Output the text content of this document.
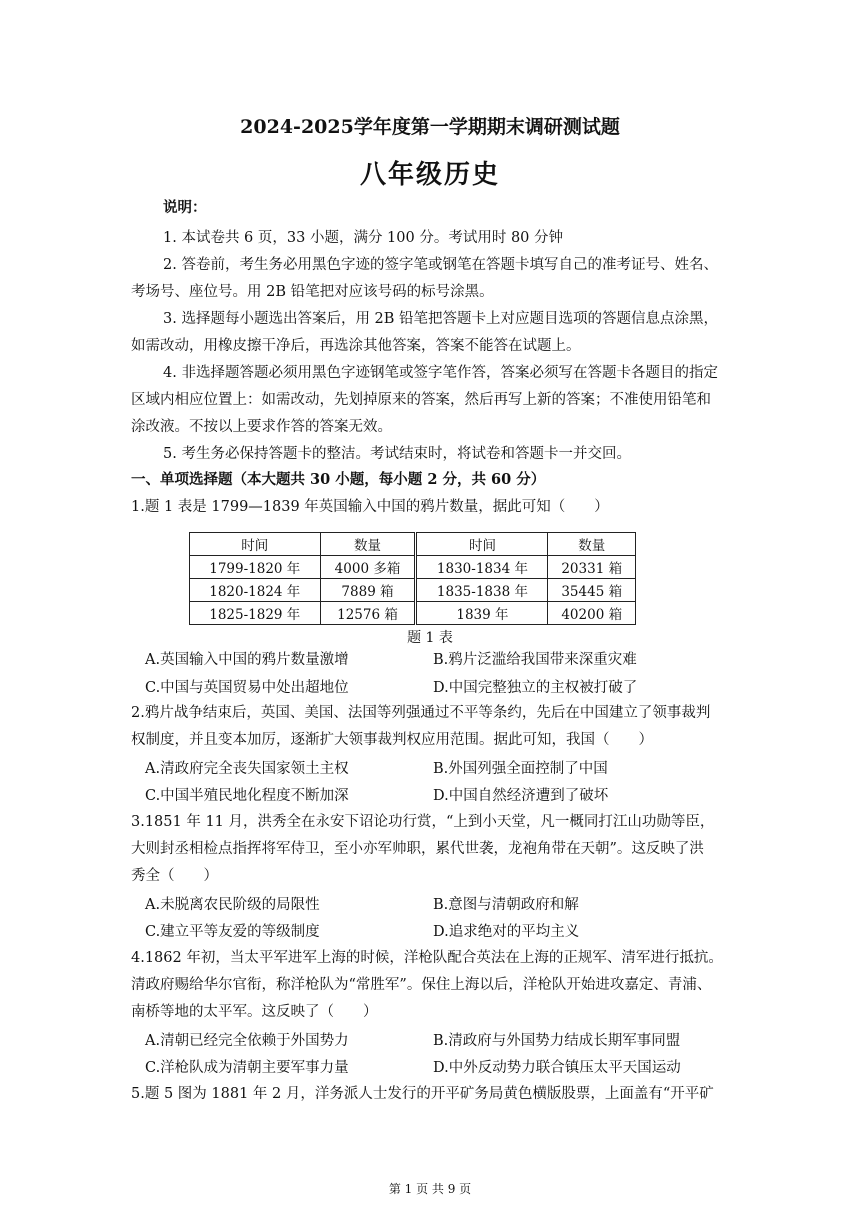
2024-2025学年度第一学期期末调研测试题
八年级历史
说明：
1. 本试卷共 6 页，33 小题，满分 100 分。考试用时 80 分钟
2. 答卷前，考生务必用黑色字迹的签字笔或钢笔在答题卡填写自己的准考证号、姓名、
考场号、座位号。用 2B 铅笔把对应该号码的标号涂黑。
3. 选择题每小题选出答案后，用 2B 铅笔把答题卡上对应题目选项的答题信息点涂黑，
如需改动，用橡皮擦干净后，再选涂其他答案，答案不能答在试题上。
4. 非选择题答题必须用黑色字迹钢笔或签字笔作答，答案必须写在答题卡各题目的指定
区域内相应位置上：如需改动，先划掉原来的答案，然后再写上新的答案；不准使用铅笔和
涂改液。不按以上要求作答的答案无效。
5. 考生务必保持答题卡的整洁。考试结束时，将试卷和答题卡一并交回。
一、单项选择题（本大题共 30 小题，每小题 2 分，共 60 分）
1.题 1 表是 1799—1839 年英国输入中国的鸦片数量，据此可知（　　）
时间	数量	时间	数量
1799-1820 年	4000 多箱	1830-1834 年	20331 箱
1820-1824 年	7889 箱	1835-1838 年	35445 箱
1825-1829 年	12576 箱	1839 年	40200 箱
题 1 表
A.英国输入中国的鸦片数量激增	B.鸦片泛滥给我国带来深重灾难
C.中国与英国贸易中处出超地位	D.中国完整独立的主权被打破了
2.鸦片战争结束后，英国、美国、法国等列强通过不平等条约，先后在中国建立了领事裁判
权制度，并且变本加厉，逐渐扩大领事裁判权应用范围。据此可知，我国（　　）
A.清政府完全丧失国家领土主权	B.外国列强全面控制了中国
C.中国半殖民地化程度不断加深	D.中国自然经济遭到了破坏
3.1851 年 11 月，洪秀全在永安下诏论功行赏，“上到小天堂，凡一概同打江山功勋等臣，
大则封丞相检点指挥将军侍卫，至小亦军帅职，累代世袭，龙袍角带在天朝”。这反映了洪
秀全（　　）
A.未脱离农民阶级的局限性	B.意图与清朝政府和解
C.建立平等友爱的等级制度	D.追求绝对的平均主义
4.1862 年初，当太平军进军上海的时候，洋枪队配合英法在上海的正规军、清军进行抵抗。
清政府赐给华尔官衔，称洋枪队为“常胜军”。保住上海以后，洋枪队开始进攻嘉定、青浦、
南桥等地的太平军。这反映了（　　）
A.清朝已经完全依赖于外国势力	B.清政府与外国势力结成长期军事同盟
C.洋枪队成为清朝主要军事力量	D.中外反动势力联合镇压太平天国运动
5.题 5 图为 1881 年 2 月，洋务派人士发行的开平矿务局黄色横版股票，上面盖有“开平矿
第 1 页 共 9 页
